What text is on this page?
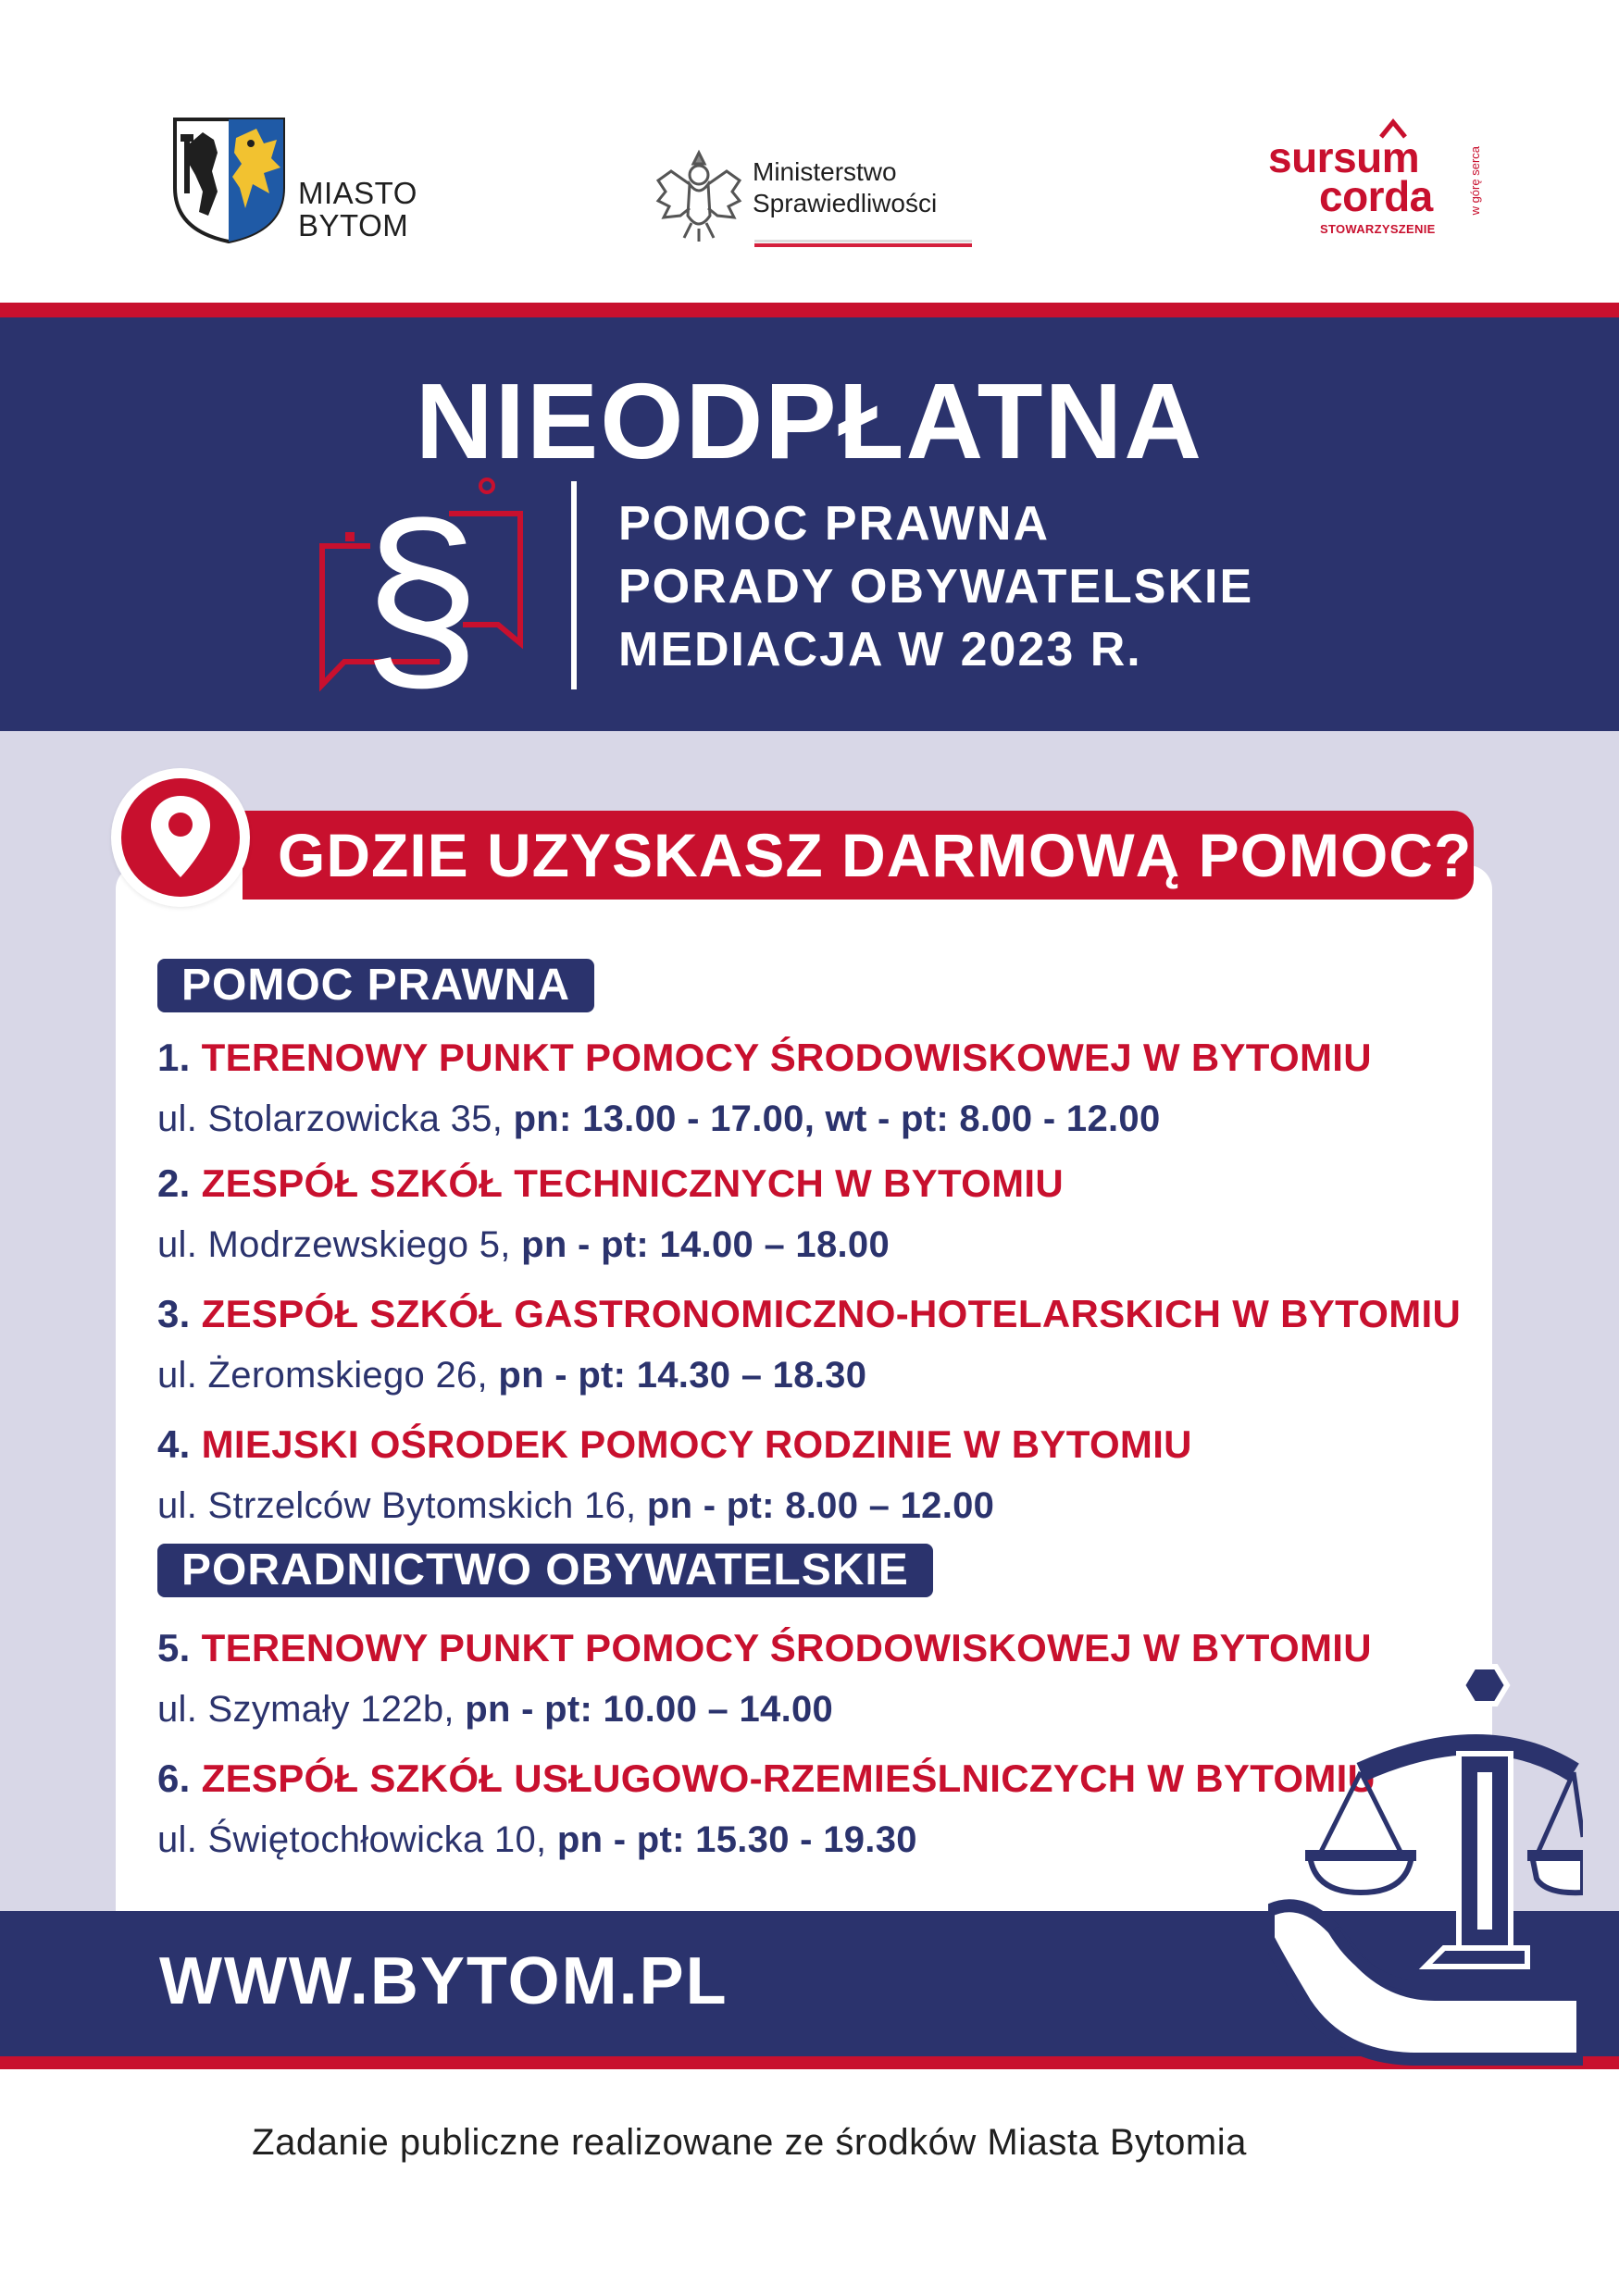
MIASTO
BYTOM
Ministerstwo
Sprawiedliwości
sursum
corda
STOWARZYSZENIE
w górę serca
NIEODPŁATNA
§	POMOC PRAWNA
PORADY OBYWATELSKIE
MEDIACJA W 2023 R.
GDZIE UZYSKASZ DARMOWĄ POMOC?
POMOC PRAWNA
1. TERENOWY PUNKT POMOCY ŚRODOWISKOWEJ W BYTOMIU
ul. Stolarzowicka 35, pn: 13.00 - 17.00, wt - pt: 8.00 - 12.00
2. ZESPÓŁ SZKÓŁ TECHNICZNYCH W BYTOMIU
ul. Modrzewskiego 5, pn - pt: 14.00 – 18.00
3. ZESPÓŁ SZKÓŁ GASTRONOMICZNO-HOTELARSKICH W BYTOMIU
ul. Żeromskiego 26, pn - pt: 14.30 – 18.30
4. MIEJSKI OŚRODEK POMOCY RODZINIE W BYTOMIU
ul. Strzelców Bytomskich 16, pn - pt: 8.00 – 12.00
PORADNICTWO OBYWATELSKIE
5. TERENOWY PUNKT POMOCY ŚRODOWISKOWEJ W BYTOMIU
ul. Szymały 122b, pn - pt: 10.00 – 14.00
6. ZESPÓŁ SZKÓŁ USŁUGOWO-RZEMIEŚLNICZYCH W BYTOMIU
ul. Świętochłowicka 10, pn - pt: 15.30 - 19.30
WWW.BYTOM.PL
Zadanie publiczne realizowane ze środków Miasta Bytomia
